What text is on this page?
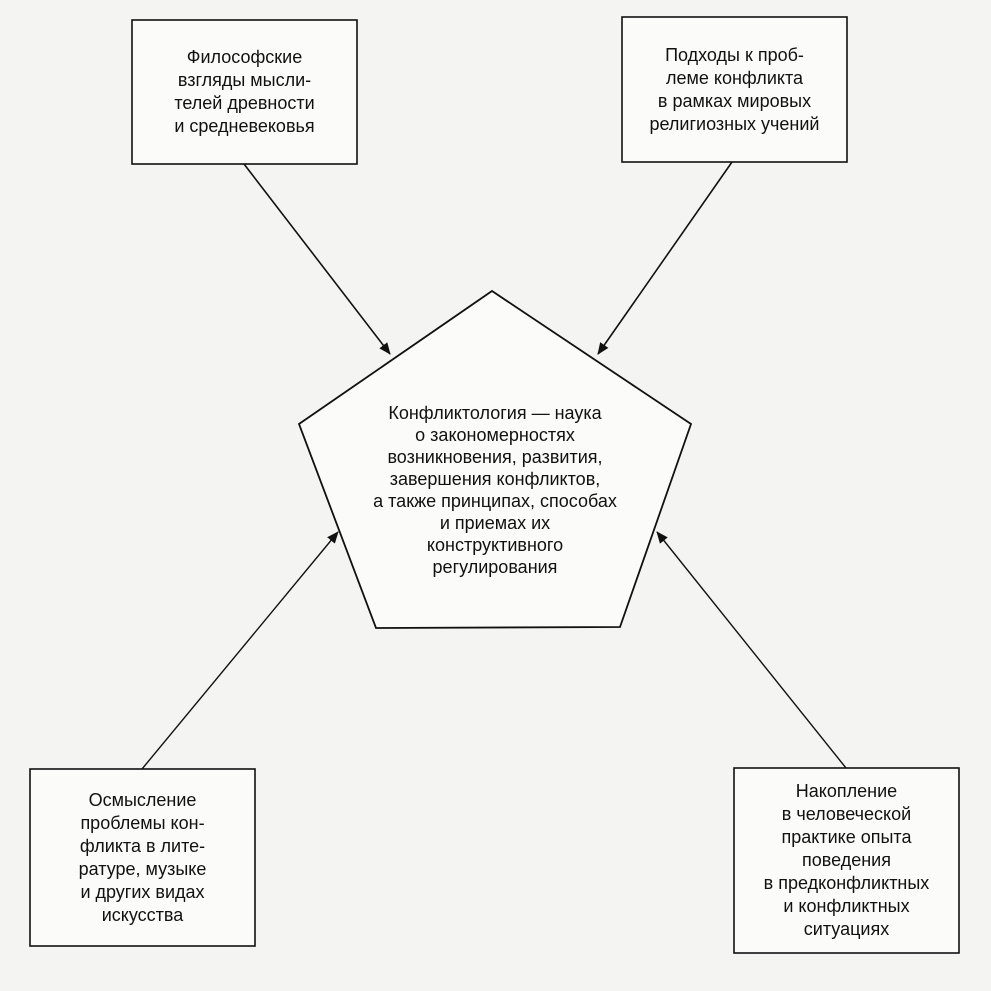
Философские
взгляды мысли-
телей древности
и средневековья
Подходы к проб-
леме конфликта
в рамках мировых
религиозных учений
Осмысление
проблемы кон-
фликта в лите-
ратуре, музыке
и других видах
искусства
Накопление
в человеческой
практике опыта
поведения
в предконфликтных
и конфликтных
ситуациях
Конфликтология — наука
о закономерностях
возникновения, развития,
завершения конфликтов,
а также принципах, способах
и приемах их
конструктивного
регулирования
